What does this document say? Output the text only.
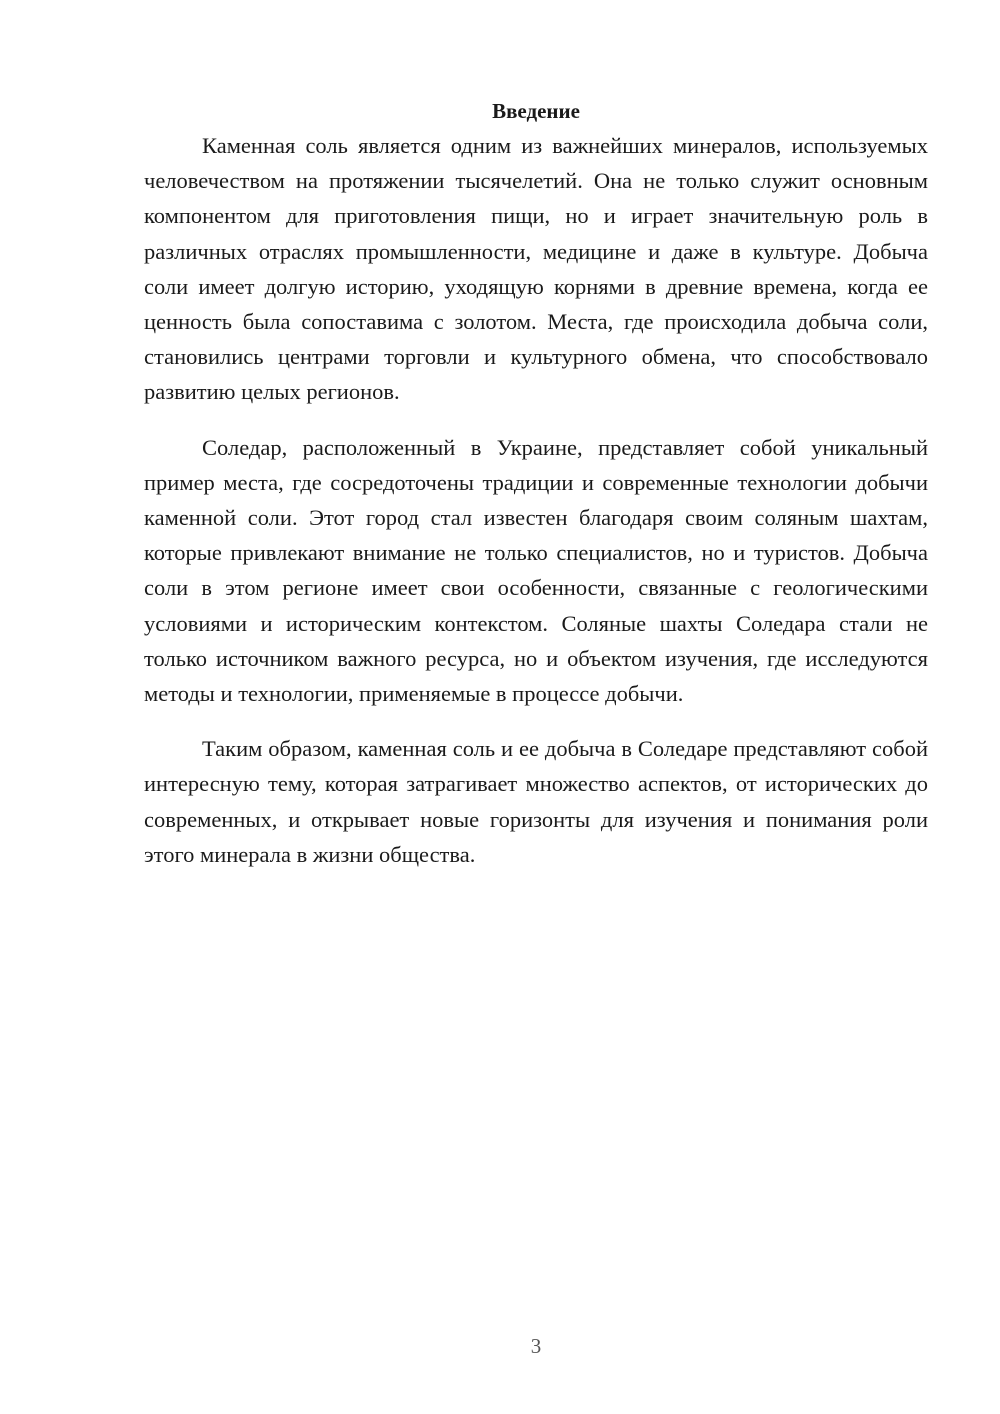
Введение

Каменная соль является одним из важнейших минералов, используемых человечеством на протяжении тысячелетий. Она не только служит основным компонентом для приготовления пищи, но и играет значительную роль в различных отраслях промышленности, медицине и даже в культуре. Добыча соли имеет долгую историю, уходящую корнями в древние времена, когда ее ценность была сопоставима с золотом. Места, где происходила добыча соли, становились центрами торговли и культурного обмена, что способствовало развитию целых регионов.

Соледар, расположенный в Украине, представляет собой уникальный пример места, где сосредоточены традиции и современные технологии добычи каменной соли. Этот город стал известен благодаря своим соляным шахтам, которые привлекают внимание не только специалистов, но и туристов. Добыча соли в этом регионе имеет свои особенности, связанные с геологическими условиями и историческим контекстом. Соляные шахты Соледара стали не только источником важного ресурса, но и объектом изучения, где исследуются методы и технологии, применяемые в процессе добычи.

Таким образом, каменная соль и ее добыча в Соледаре представляют собой интересную тему, которая затрагивает множество аспектов, от исторических до современных, и открывает новые горизонты для изучения и понимания роли этого минерала в жизни общества.

3
